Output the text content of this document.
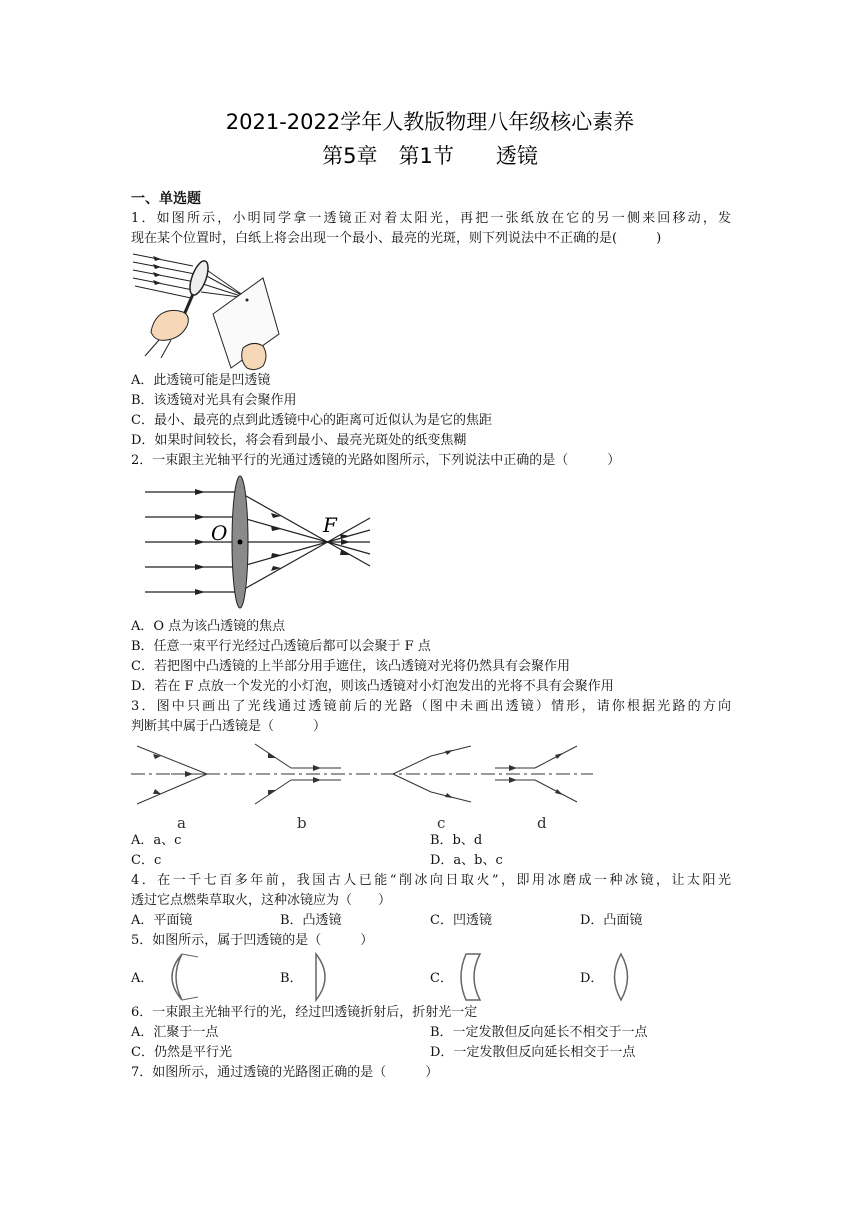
2021-2022学年人教版物理八年级核心素养
第5章　第1节　　透镜
一、单选题
1．如图所示，小明同学拿一透镜正对着太阳光，再把一张纸放在它的另一侧来回移动，发
现在某个位置时，白纸上将会出现一个最小、最亮的光斑，则下列说法中不正确的是(　　　)
A．此透镜可能是凹透镜
B．该透镜对光具有会聚作用
C．最小、最亮的点到此透镜中心的距离可近似认为是它的焦距
D．如果时间较长，将会看到最小、最亮光斑处的纸变焦糊
2．一束跟主光轴平行的光通过透镜的光路如图所示，下列说法中正确的是（　　　）
O	F
A．O 点为该凸透镜的焦点
B．任意一束平行光经过凸透镜后都可以会聚于 F 点
C．若把图中凸透镜的上半部分用手遮住，该凸透镜对光将仍然具有会聚作用
D．若在 F 点放一个发光的小灯泡，则该凸透镜对小灯泡发出的光将不具有会聚作用
3．图中只画出了光线通过透镜前后的光路（图中未画出透镜）情形，请你根据光路的方向
判断其中属于凸透镜是（　　　）
a	b	c	d
A．a、c	B．b、d
C．c	D．a、b、c
4．在一千七百多年前，我国古人已能“削冰向日取火”，即用冰磨成一种冰镜，让太阳光
透过它点燃柴草取火，这种冰镜应为（　　）
A．平面镜	B．凸透镜	C．凹透镜	D．凸面镜
5．如图所示，属于凹透镜的是（　　　）
A．	B．	C．	D．
6．一束跟主光轴平行的光，经过凹透镜折射后，折射光一定
A．汇聚于一点	B．一定发散但反向延长不相交于一点
C．仍然是平行光	D．一定发散但反向延长相交于一点
7．如图所示，通过透镜的光路图正确的是（　　　）
